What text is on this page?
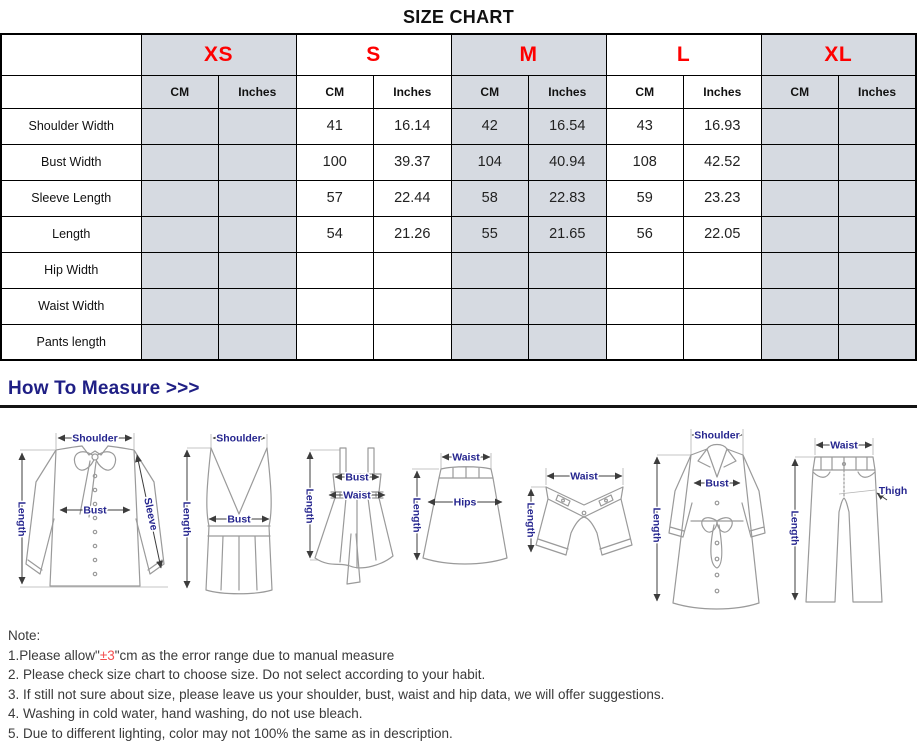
SIZE CHART
	XS		S		M		L		XL	
	CM	Inches	CM	Inches	CM	Inches	CM	Inches	CM	Inches
Shoulder Width			41	16.14	42	16.54	43	16.93		
Bust Width			100	39.37	104	40.94	108	42.52		
Sleeve Length			57	22.44	58	22.83	59	23.23		
Length			54	21.26	55	21.65	56	22.05		
Hip Width										
Waist Width										
Pants length										
How To Measure >>>
Shoulder
Length	Bust	Sleeve
Shoulder
Length	Bust
Bust
Waist
Length
Waist
Hips
Length
Waist
Length
Shoulder
Bust
Length
Waist
Thigh
Length

Note:

1.Please allow"±3"cm as the error range due to manual measure

2. Please check size chart to choose size. Do not select according to your habit.

3. If still not sure about size, please leave us your shoulder, bust, waist and hip data, we will offer suggestions.

4. Washing in cold water, hand washing, do not use bleach.

5. Due to different lighting, color may not 100% the same as in description.
